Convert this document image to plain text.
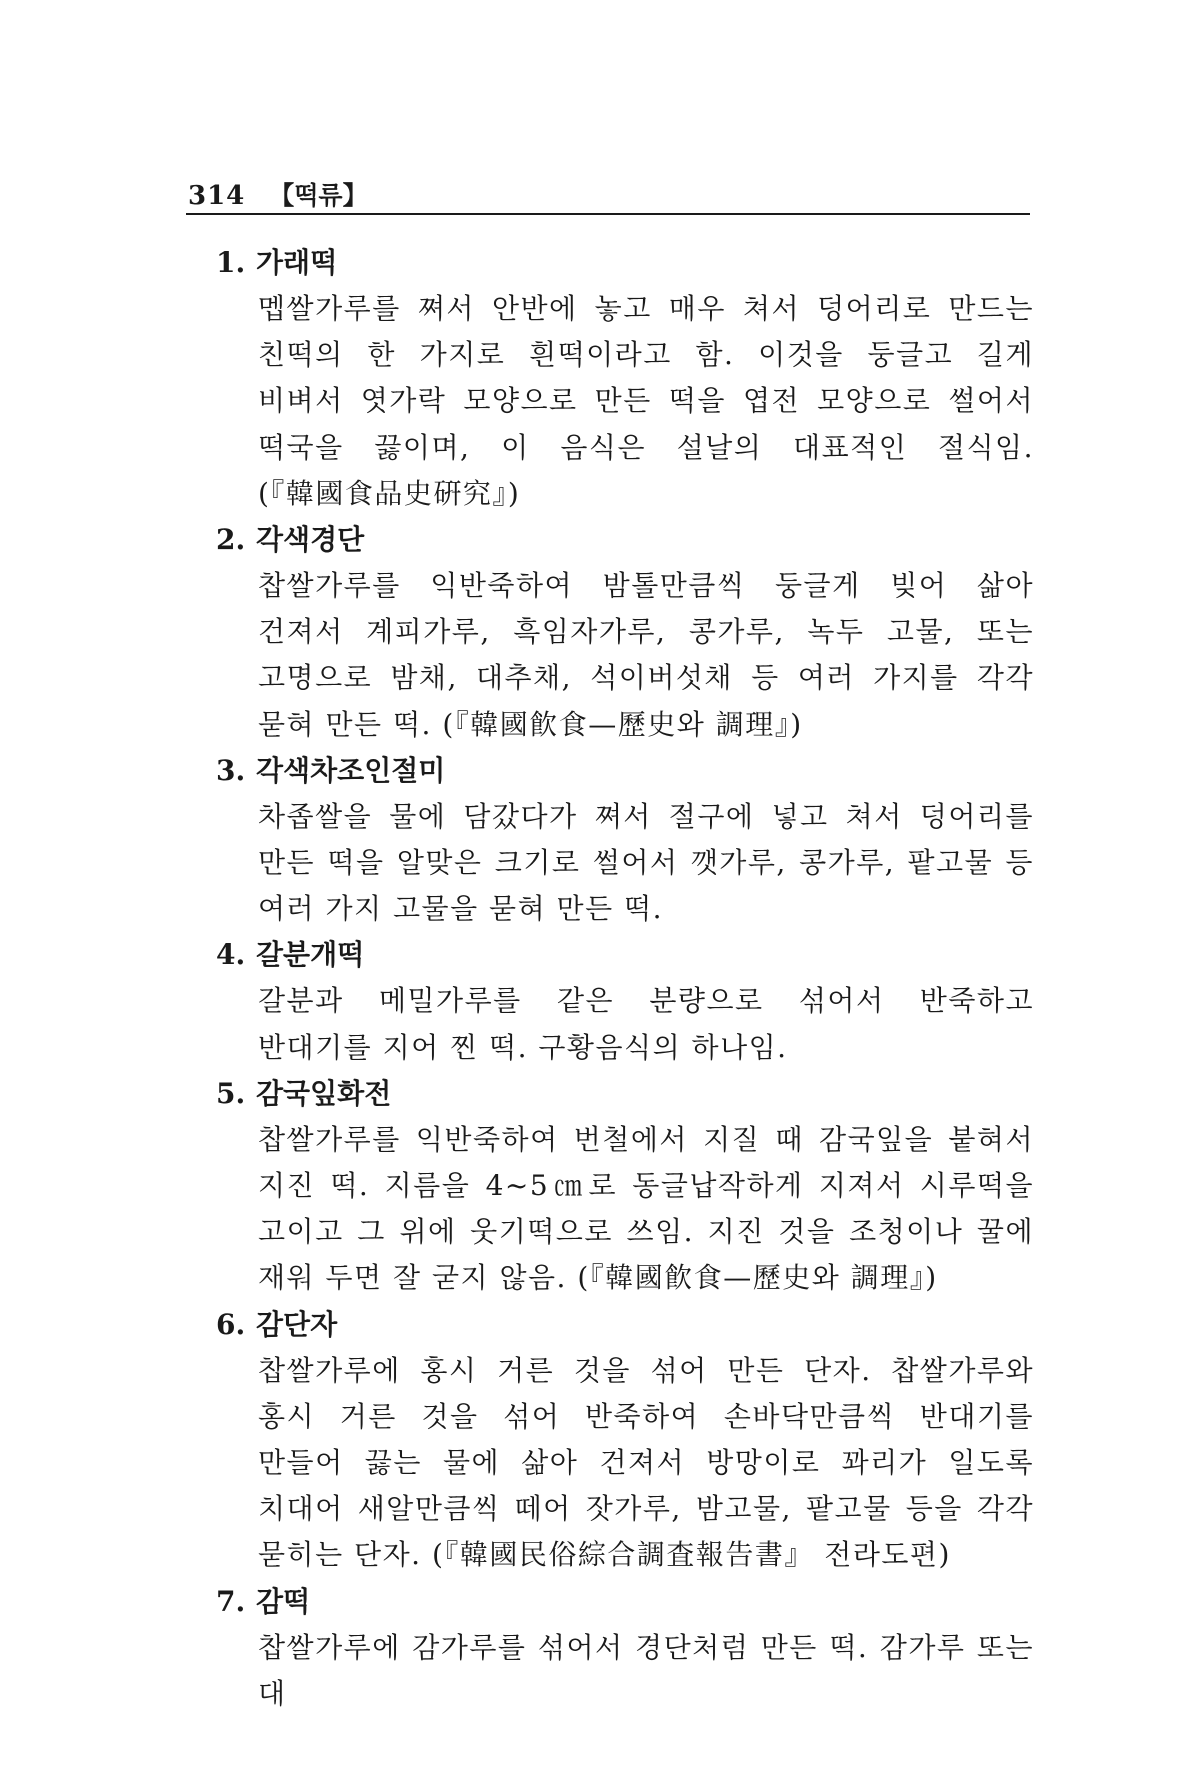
314 【떡류】
1. 가래떡
멥쌀가루를 쪄서 안반에 놓고 매우 쳐서 덩어리로 만드는 친떡의 한 가지로 흰떡이라고 함. 이것을 둥글고 길게 비벼서 엿가락 모양으로 만든 떡을 엽전 모양으로 썰어서 떡국을 끓이며, 이 음식은 설날의 대표적인 절식임. (『韓國食品史硏究』)
2. 각색경단
찹쌀가루를 익반죽하여 밤톨만큼씩 둥글게 빚어 삶아 건져서 계피가루, 흑임자가루, 콩가루, 녹두 고물, 또는 고명으로 밤채, 대추채, 석이버섯채 등 여러 가지를 각각 묻혀 만든 떡. (『韓國飮食—歷史와 調理』)
3. 각색차조인절미
차좁쌀을 물에 담갔다가 쪄서 절구에 넣고 쳐서 덩어리를 만든 떡을 알맞은 크기로 썰어서 깻가루, 콩가루, 팥고물 등 여러 가지 고물을 묻혀 만든 떡.
4. 갈분개떡
갈분과 메밀가루를 같은 분량으로 섞어서 반죽하고 반대기를 지어 찐 떡. 구황음식의 하나임.
5. 감국잎화전
찹쌀가루를 익반죽하여 번철에서 지질 때 감국잎을 붙혀서 지진 떡. 지름을 4~5㎝로 동글납작하게 지져서 시루떡을 고이고 그 위에 웃기떡으로 쓰임. 지진 것을 조청이나 꿀에 재워 두면 잘 굳지 않음. (『韓國飮食—歷史와 調理』)
6. 감단자
찹쌀가루에 홍시 거른 것을 섞어 만든 단자. 찹쌀가루와 홍시 거른 것을 섞어 반죽하여 손바닥만큼씩 반대기를 만들어 끓는 물에 삶아 건져서 방망이로 꽈리가 일도록 치대어 새알만큼씩 떼어 잣가루, 밤고물, 팥고물 등을 각각 묻히는 단자. (『韓國民俗綜合調査報告書』 전라도편)
7. 감떡
찹쌀가루에 감가루를 섞어서 경단처럼 만든 떡. 감가루 또는 대
